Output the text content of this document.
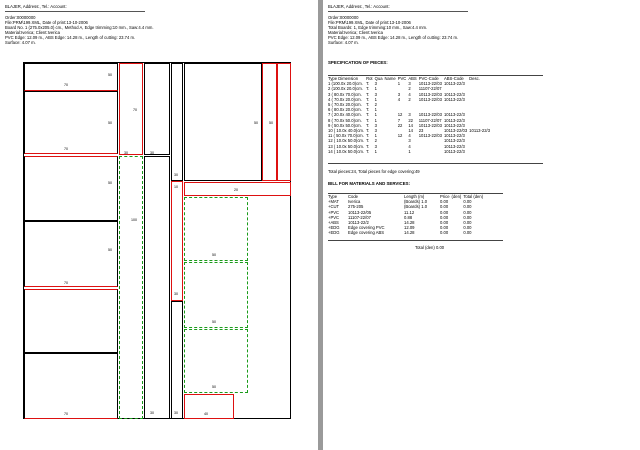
BLAJER, Address:, Tel.: Account:
Order:00000000
File:PRM\199.XML, Date of print:13-10-2006
Board No. 1 (275.0x205.0) cm., Method A, Edge trimming:10 mm., Saw:4.4 mm.
Material:Iverica; Client:Iverica
PVC Edge: 12.09 m., ABS Edge: 14.28 m., Length of cutting: 23.74 m.
Surface: 4.07 m.
70
50
70
50
30
70
30
100
50
30
50	50
30
50
70
20
50
70	30
50
50
30	40
10
BLAJER, Address:, Tel.: Account:
Order:00000000
File:PRM\199.XML, Date of print:13-10-2006
Total Boards: 1, Edge trimming:10 mm., Saw:4.4 mm.
Material:Iverica; Client:Iverica
PVC Edge: 12.09 m., ABS Edge: 14.28 m., Length of cutting: 23.74 m.
Surface: 4.07 m.
SPECIFICATION OF PIECES:
Type Dimension	Rot	Qua	Name	PVC	ABS	PVC-Code	ABS-Code	Desc.
1 (100.0x 20.0)cm.	T.	3		1	3	10113-22/03	10113-22/3	
2 (100.0x 20.0)cm.	T.	1			2	11107-22/07		
3 ( 80.0x 70.0)cm.	T.	3		3	4	10113-22/03	10113-22/3	
4 ( 70.0x 20.0)cm.	T.	1		4	2	10113-22/03	10113-22/3	
5 ( 70.0x 20.0)cm.	T.	2						
6 ( 80.0x 20.0)cm.	T.	1						
7 ( 20.0x 40.0)cm.	T.	1		12	3	10113-22/03	10113-22/3	
8 ( 70.0x 50.0)cm.	T.	1		7	22	11107-22/07	10113-22/3	
9 ( 50.0x 50.0)cm.	T.	3		22	14	10113-22/03	10113-22/3	
10 ( 10.0x 40.0)cm.	T.	3			14	23	10113-22/03	10113-22/3
11 ( 50.0x 70.0)cm.	T.	1		12	4	10113-22/03	10113-22/3	
12 ( 10.0x 50.0)cm.	T.	2			3		10113-22/3	
13 ( 10.0x 50.0)cm.	T.	3			4		10113-22/3	
14 ( 10.0x 50.0)cm.	T.	1			1		10113-22/3	
Total pieces:24, Total pieces for edge covering:49
BILL FOR MATERIALS AND SERVICES:
Type	Code	Length (m)	Price	(den)	Total (den)
+MAT	Iverica	(Boards) 1.0	0.00		0.00
+CUT	275-205	(Boards) 1.0	0.00		0.00
+PVC	10113-22/05	11.12	0.00		0.00
+PVC	11107-22/07	0.88	0.00		0.00
+ABS	10113-22/2	14.28	0.00		0.00
+EDG	Edge covering PVC	12.09	0.00		0.00
+EDG	Edge covering ABS	14.28	0.00		0.00
Total (den) 0.00
